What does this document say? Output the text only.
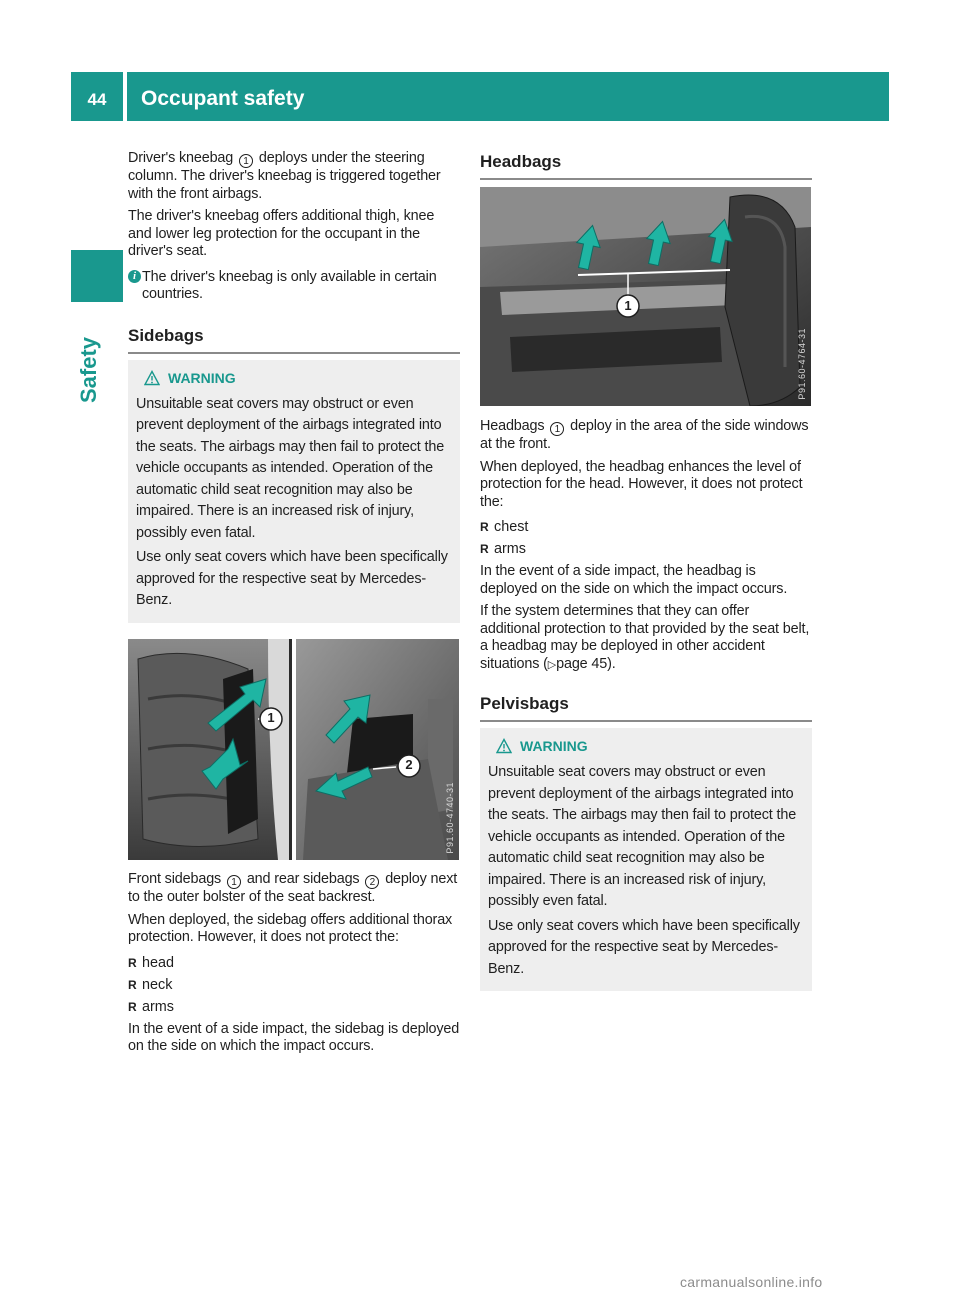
44	Occupant safety
Safety

Driver's kneebag 1 deploys under the steering column. The driver's kneebag is triggered together with the front airbags.

The driver's kneebag offers additional thigh, knee and lower leg protection for the occupant in the driver's seat.

i The driver's kneebag is only available in certain countries.

Sidebags
WARNING

Unsuitable seat covers may obstruct or even prevent deployment of the airbags integrated into the seats. The airbags may then fail to protect the vehicle occupants as intended. Operation of the automatic child seat recognition may also be impaired. There is an increased risk of injury, possibly even fatal.

Use only seat covers which have been specifically approved for the respective seat by Mercedes-Benz.

1
2
P91.60-4740-31

Front sidebags 1 and rear sidebags 2 deploy next to the outer bolster of the seat backrest.

When deployed, the sidebag offers additional thorax protection. However, it does not protect the:

R head
R neck
R arms

In the event of a side impact, the sidebag is deployed on the side on which the impact occurs.

Headbags
1
P91.60-4764-31

Headbags 1 deploy in the area of the side windows at the front.

When deployed, the headbag enhances the level of protection for the head. However, it does not protect the:

R chest
R arms

In the event of a side impact, the headbag is deployed on the side on which the impact occurs.

If the system determines that they can offer additional protection to that provided by the seat belt, a headbag may be deployed in other accident situations (▷page 45).

Pelvisbags
WARNING

Unsuitable seat covers may obstruct or even prevent deployment of the airbags integrated into the seats. The airbags may then fail to protect the vehicle occupants as intended. Operation of the automatic child seat recognition may also be impaired. There is an increased risk of injury, possibly even fatal.

Use only seat covers which have been specifically approved for the respective seat by Mercedes-Benz.

carmanualsonline.info
